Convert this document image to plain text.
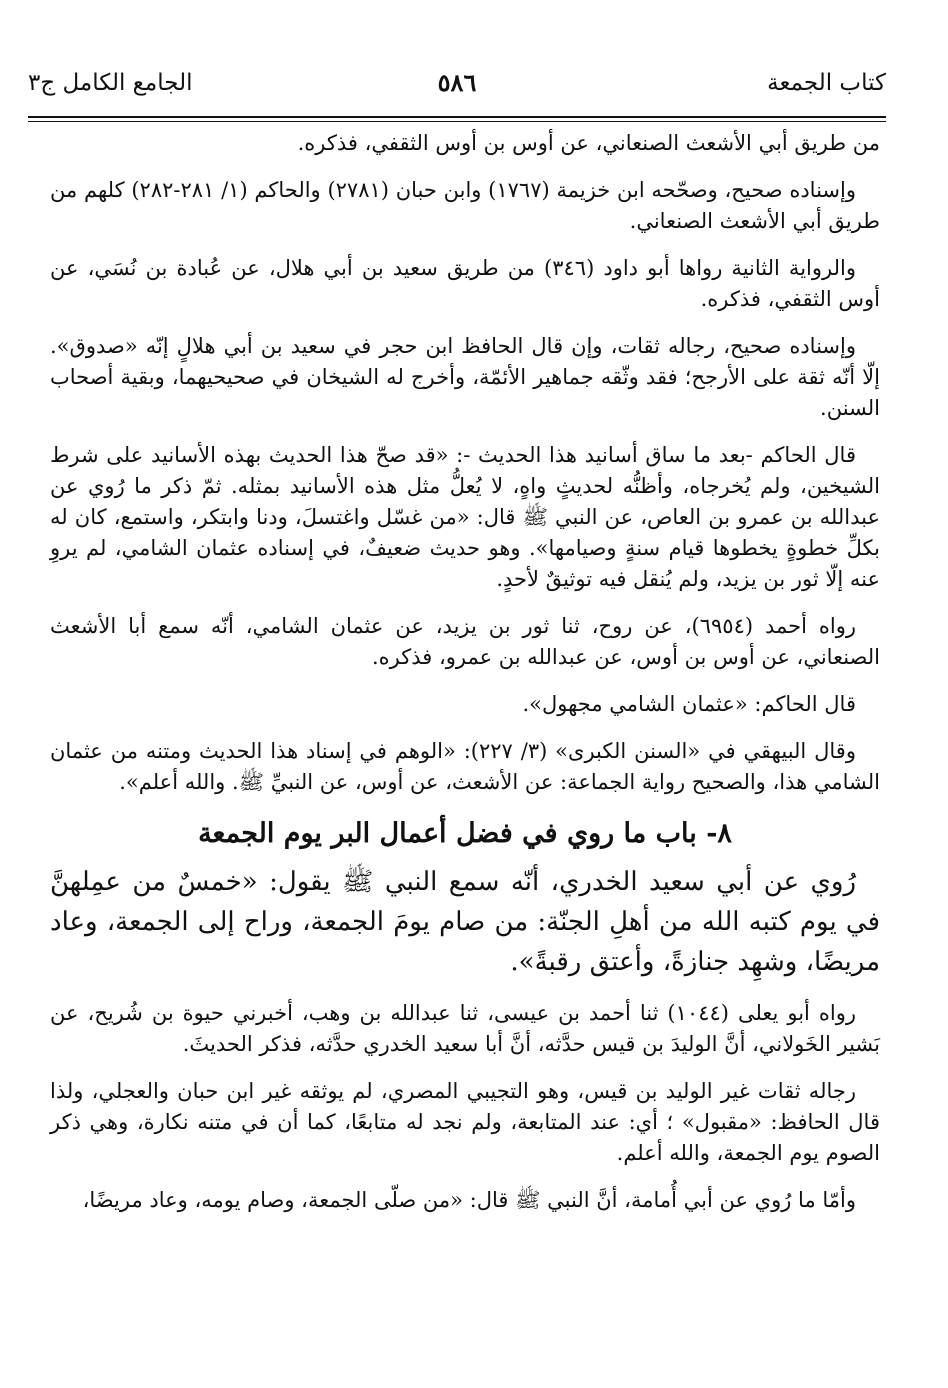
كتاب الجمعة
٥٨٦
الجامع الكامل ج٣

من طريق أبي الأشعث الصنعاني، عن أوس بن أوس الثقفي، فذكره.

وإسناده صحيح، وصحّحه ابن خزيمة (١٧٦٧) وابن حبان (٢٧٨١) والحاكم (١/ ٢٨١-٢٨٢) كلهم من طريق أبي الأشعث الصنعاني.

والرواية الثانية رواها أبو داود (٣٤٦) من طريق سعيد بن أبي هلال، عن عُبادة بن نُسَي، عن أوس الثقفي، فذكره.

وإسناده صحيح، رجاله ثقات، وإن قال الحافظ ابن حجر في سعيد بن أبي هلالٍ إنّه «صدوق». إلّا أنّه ثقة على الأرجح؛ فقد وثّقه جماهير الأئمّة، وأخرج له الشيخان في صحيحيهما، وبقية أصحاب السنن.

قال الحاكم -بعد ما ساق أسانيد هذا الحديث -: «قد صحّ هذا الحديث بهذه الأسانيد على شرط الشيخين، ولم يُخرجاه، وأظنُّه لحديثٍ واهٍ، لا يُعلُّ مثل هذه الأسانيد بمثله. ثمّ ذكر ما رُوي عن عبدالله بن عمرو بن العاص، عن النبي ﷺ قال: «من غسّل واغتسلَ، ودنا وابتكر، واستمع، كان له بكلِّ خطوةٍ يخطوها قيام سنةٍ وصيامها». وهو حديث ضعيفٌ، في إسناده عثمان الشامي، لم يروِ عنه إلّا ثور بن يزيد، ولم يُنقل فيه توثيقٌ لأحدٍ.

رواه أحمد (٦٩٥٤)، عن روح، ثنا ثور بن يزيد، عن عثمان الشامي، أنّه سمع أبا الأشعث الصنعاني، عن أوس بن أوس، عن عبدالله بن عمرو، فذكره.

قال الحاكم: «عثمان الشامي مجهول».

وقال البيهقي في «السنن الكبرى» (٣/ ٢٢٧): «الوهم في إسناد هذا الحديث ومتنه من عثمان الشامي هذا، والصحيح رواية الجماعة: عن الأشعث، عن أوس، عن النبيِّ ﷺ. والله أعلم».

٨- باب ما روي في فضل أعمال البر يوم الجمعة

رُوي عن أبي سعيد الخدري، أنّه سمع النبي ﷺ يقول: «خمسٌ من عمِلهنَّ في يوم كتبه الله من أهلِ الجنّة: من صام يومَ الجمعة، وراح إلى الجمعة، وعاد مريضًا، وشهِد جنازةً، وأعتق رقبةً».

رواه أبو يعلى (١٠٤٤) ثنا أحمد بن عيسى، ثنا عبدالله بن وهب، أخبرني حيوة بن شُريح، عن بَشير الخَولاني، أنَّ الوليدَ بن قيس حدَّثه، أنَّ أبا سعيد الخدري حدَّثه، فذكر الحديثَ.

رجاله ثقات غير الوليد بن قيس، وهو التجيبي المصري، لم يوثقه غير ابن حبان والعجلي، ولذا قال الحافظ: «مقبول» ؛ أي: عند المتابعة، ولم نجد له متابعًا، كما أن في متنه نكارة، وهي ذكر الصوم يوم الجمعة، والله أعلم.

وأمّا ما رُوي عن أبي أُمامة، أنَّ النبي ﷺ قال: «من صلّى الجمعة، وصام يومه، وعاد مريضًا،
